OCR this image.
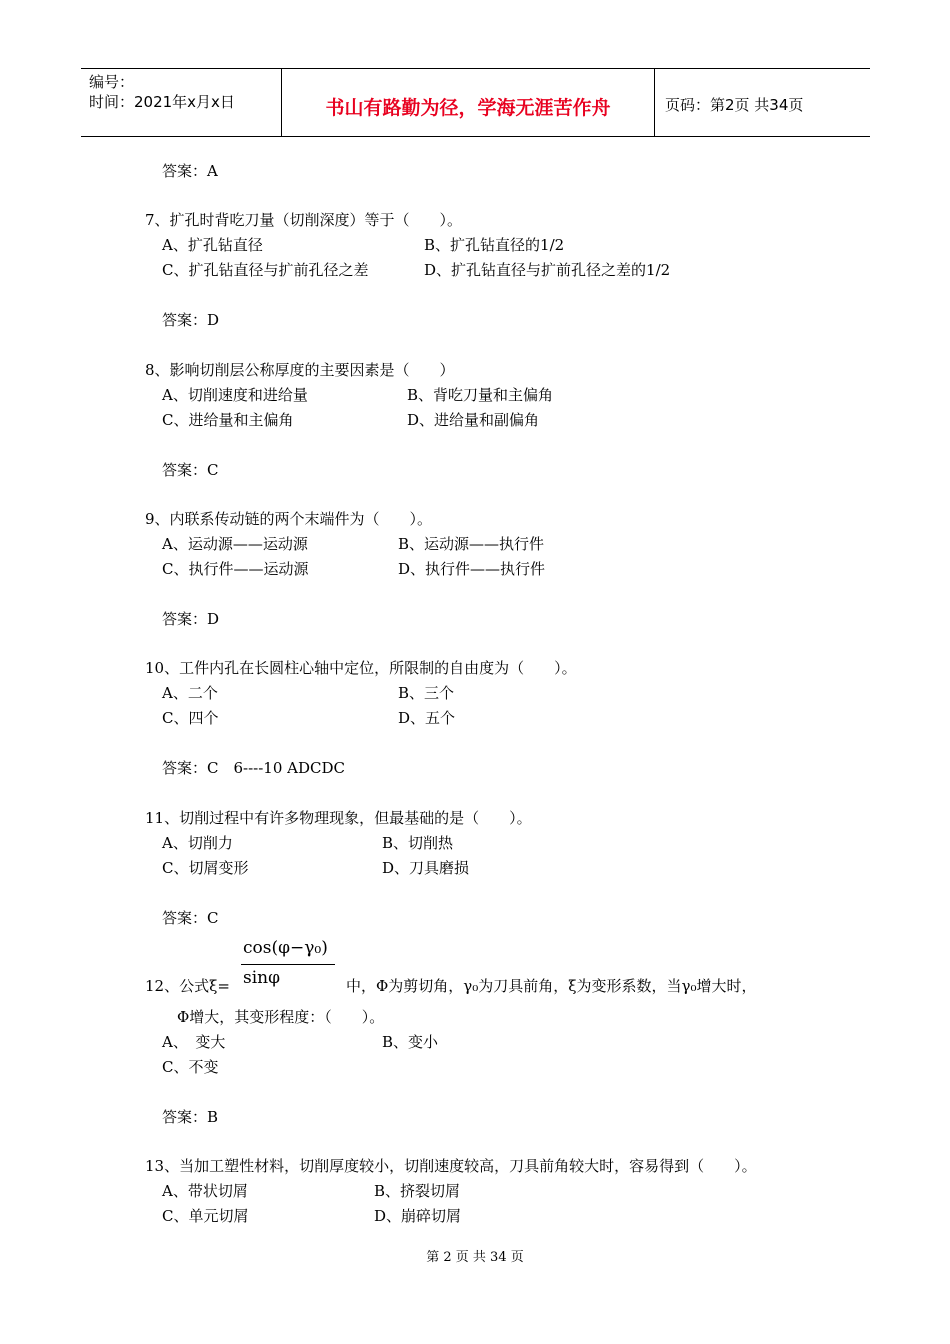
编号：
时间：2021年x月x日	书山有路勤为径，学海无涯苦作舟	页码：第2页 共34页
答案：A
7、扩孔时背吃刀量（切削深度）等于（　　）。
A、扩孔钻直径	B、扩孔钻直径的1/2
C、扩孔钻直径与扩前孔径之差	D、扩孔钻直径与扩前孔径之差的1/2
答案：D
8、影响切削层公称厚度的主要因素是（　　）
A、切削速度和进给量	B、背吃刀量和主偏角
C、进给量和主偏角	D、进给量和副偏角
答案：C
9、内联系传动链的两个末端件为（　　）。
A、运动源——运动源	B、运动源——执行件
C、执行件——运动源	D、执行件——执行件
答案：D
10、工件内孔在长圆柱心轴中定位，所限制的自由度为（　　）。
A、二个	B、三个
C、四个	D、五个
答案：C　6----10 ADCDC
11、切削过程中有许多物理现象，但最基础的是（　　）。
A、切削力	B、切削热
C、切屑变形	D、刀具磨损
答案：C
12、公式ξ=	中，Φ为剪切角，γ₀为刀具前角，ξ为变形系数，当γ₀增大时，
Φ增大，其变形程度：（　　）。
A、　变大	B、变小
C、不变
答案：B
13、当加工塑性材料，切削厚度较小，切削速度较高，刀具前角较大时，容易得到（　　）。
A、带状切屑	B、挤裂切屑
C、单元切屑	D、崩碎切屑
cos(φ−γ₀)
sinφ
第 2 页 共 34 页
